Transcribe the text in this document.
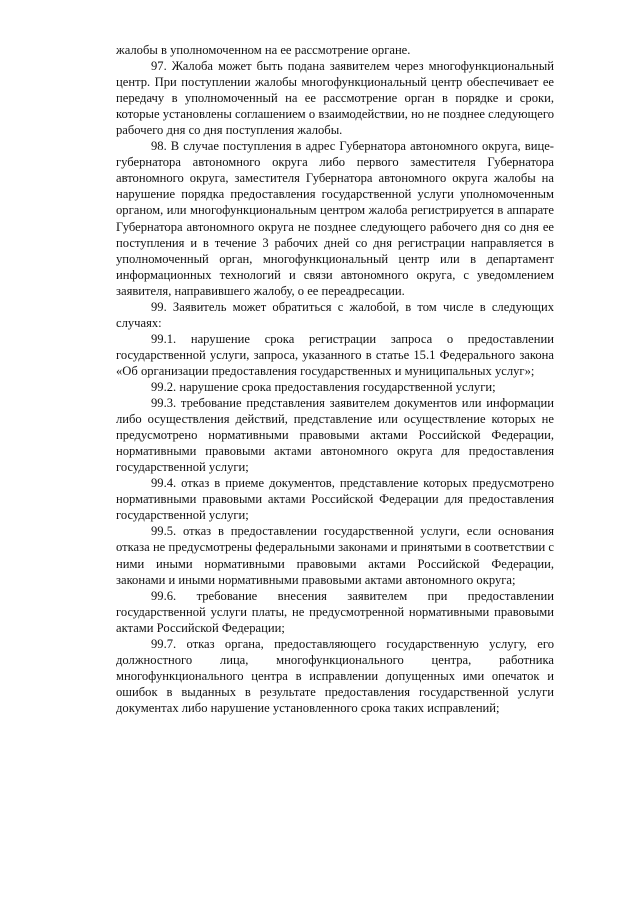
жалобы в уполномоченном на ее рассмотрение органе.

97. Жалоба может быть подана заявителем через многофункциональный центр. При поступлении жалобы многофункциональный центр обеспечивает ее передачу в уполномоченный на ее рассмотрение орган в порядке и сроки, которые установлены соглашением о взаимодействии, но не позднее следующего рабочего дня со дня поступления жалобы.

98. В случае поступления в адрес Губернатора автономного округа, вице-губернатора автономного округа либо первого заместителя Губернатора автономного округа, заместителя Губернатора автономного округа жалобы на нарушение порядка предоставления государственной услуги уполномоченным органом, или многофункциональным центром жалоба регистрируется в аппарате Губернатора автономного округа не позднее следующего рабочего дня со дня ее поступления и в течение 3 рабочих дней со дня регистрации направляется в уполномоченный орган, многофункциональный центр или в департамент информационных технологий и связи автономного округа, с уведомлением заявителя, направившего жалобу, о ее переадресации.

99. Заявитель может обратиться с жалобой, в том числе в следующих случаях:

99.1. нарушение срока регистрации запроса о предоставлении государственной услуги, запроса, указанного в статье 15.1 Федерального закона «Об организации предоставления государственных и муниципальных услуг»;

99.2. нарушение срока предоставления государственной услуги;

99.3. требование представления заявителем документов или информации либо осуществления действий, представление или осуществление которых не предусмотрено нормативными правовыми актами Российской Федерации, нормативными правовыми актами автономного округа для предоставления государственной услуги;

99.4. отказ в приеме документов, представление которых предусмотрено нормативными правовыми актами Российской Федерации для предоставления государственной услуги;

99.5. отказ в предоставлении государственной услуги, если основания отказа не предусмотрены федеральными законами и принятыми в соответствии с ними иными нормативными правовыми актами Российской Федерации, законами и иными нормативными правовыми актами автономного округа;

99.6. требование внесения заявителем при предоставлении государственной услуги платы, не предусмотренной нормативными правовыми актами Российской Федерации;

99.7. отказ органа, предоставляющего государственную услугу, его должностного лица, многофункционального центра, работника многофункционального центра в исправлении допущенных ими опечаток и ошибок в выданных в результате предоставления государственной услуги документах либо нарушение установленного срока таких исправлений;
